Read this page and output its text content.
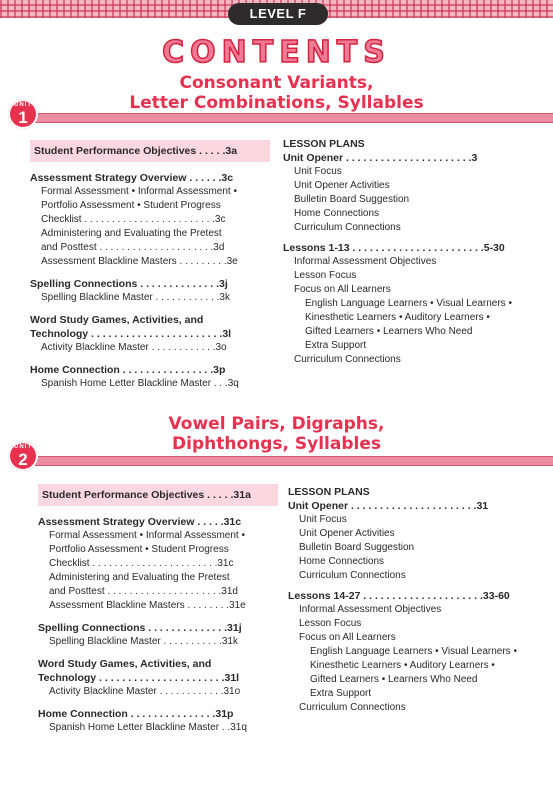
LEVEL F
CONTENTS
Consonant Variants,
Letter Combinations, Syllables
UNIT
1
Student Performance Objectives . . . . .3a
Assessment Strategy Overview . . . . . .3c
Formal Assessment • Informal Assessment •
Portfolio Assessment • Student Progress
Checklist . . . . . . . . . . . . . . . . . . . . . . . .3c
Administering and Evaluating the Pretest
and Posttest . . . . . . . . . . . . . . . . . . . . .3d
Assessment Blackline Masters . . . . . . . . .3e
Spelling Connections . . . . . . . . . . . . . .3j
Spelling Blackline Master . . . . . . . . . . . .3k
Word Study Games, Activities, and
Technology . . . . . . . . . . . . . . . . . . . . . . .3l
Activity Blackline Master . . . . . . . . . . . .3o
Home Connection . . . . . . . . . . . . . . . .3p
Spanish Home Letter Blackline Master . . .3q
LESSON PLANS
Unit Opener . . . . . . . . . . . . . . . . . . . . . .3
Unit Focus
Unit Opener Activities
Bulletin Board Suggestion
Home Connections
Curriculum Connections
Lessons 1-13 . . . . . . . . . . . . . . . . . . . . . . .5-30
Informal Assessment Objectives
Lesson Focus
Focus on All Learners
English Language Learners • Visual Learners •
Kinesthetic Learners • Auditory Learners •
Gifted Learners • Learners Who Need
Extra Support
Curriculum Connections
Vowel Pairs, Digraphs,
Diphthongs, Syllables
UNIT
2
Student Performance Objectives . . . . .31a
Assessment Strategy Overview . . . . .31c
Formal Assessment • Informal Assessment •
Portfolio Assessment • Student Progress
Checklist . . . . . . . . . . . . . . . . . . . . . . .31c
Administering and Evaluating the Pretest
and Posttest . . . . . . . . . . . . . . . . . . . . .31d
Assessment Blackline Masters . . . . . . . .31e
Spelling Connections . . . . . . . . . . . . . .31j
Spelling Blackline Master . . . . . . . . . . .31k
Word Study Games, Activities, and
Technology . . . . . . . . . . . . . . . . . . . . . .31l
Activity Blackline Master . . . . . . . . . . . .31o
Home Connection . . . . . . . . . . . . . . .31p
Spanish Home Letter Blackline Master . .31q
LESSON PLANS
Unit Opener . . . . . . . . . . . . . . . . . . . . . .31
Unit Focus
Unit Opener Activities
Bulletin Board Suggestion
Home Connections
Curriculum Connections
Lessons 14-27 . . . . . . . . . . . . . . . . . . . . .33-60
Informal Assessment Objectives
Lesson Focus
Focus on All Learners
English Language Learners • Visual Learners •
Kinesthetic Learners • Auditory Learners •
Gifted Learners • Learners Who Need
Extra Support
Curriculum Connections
